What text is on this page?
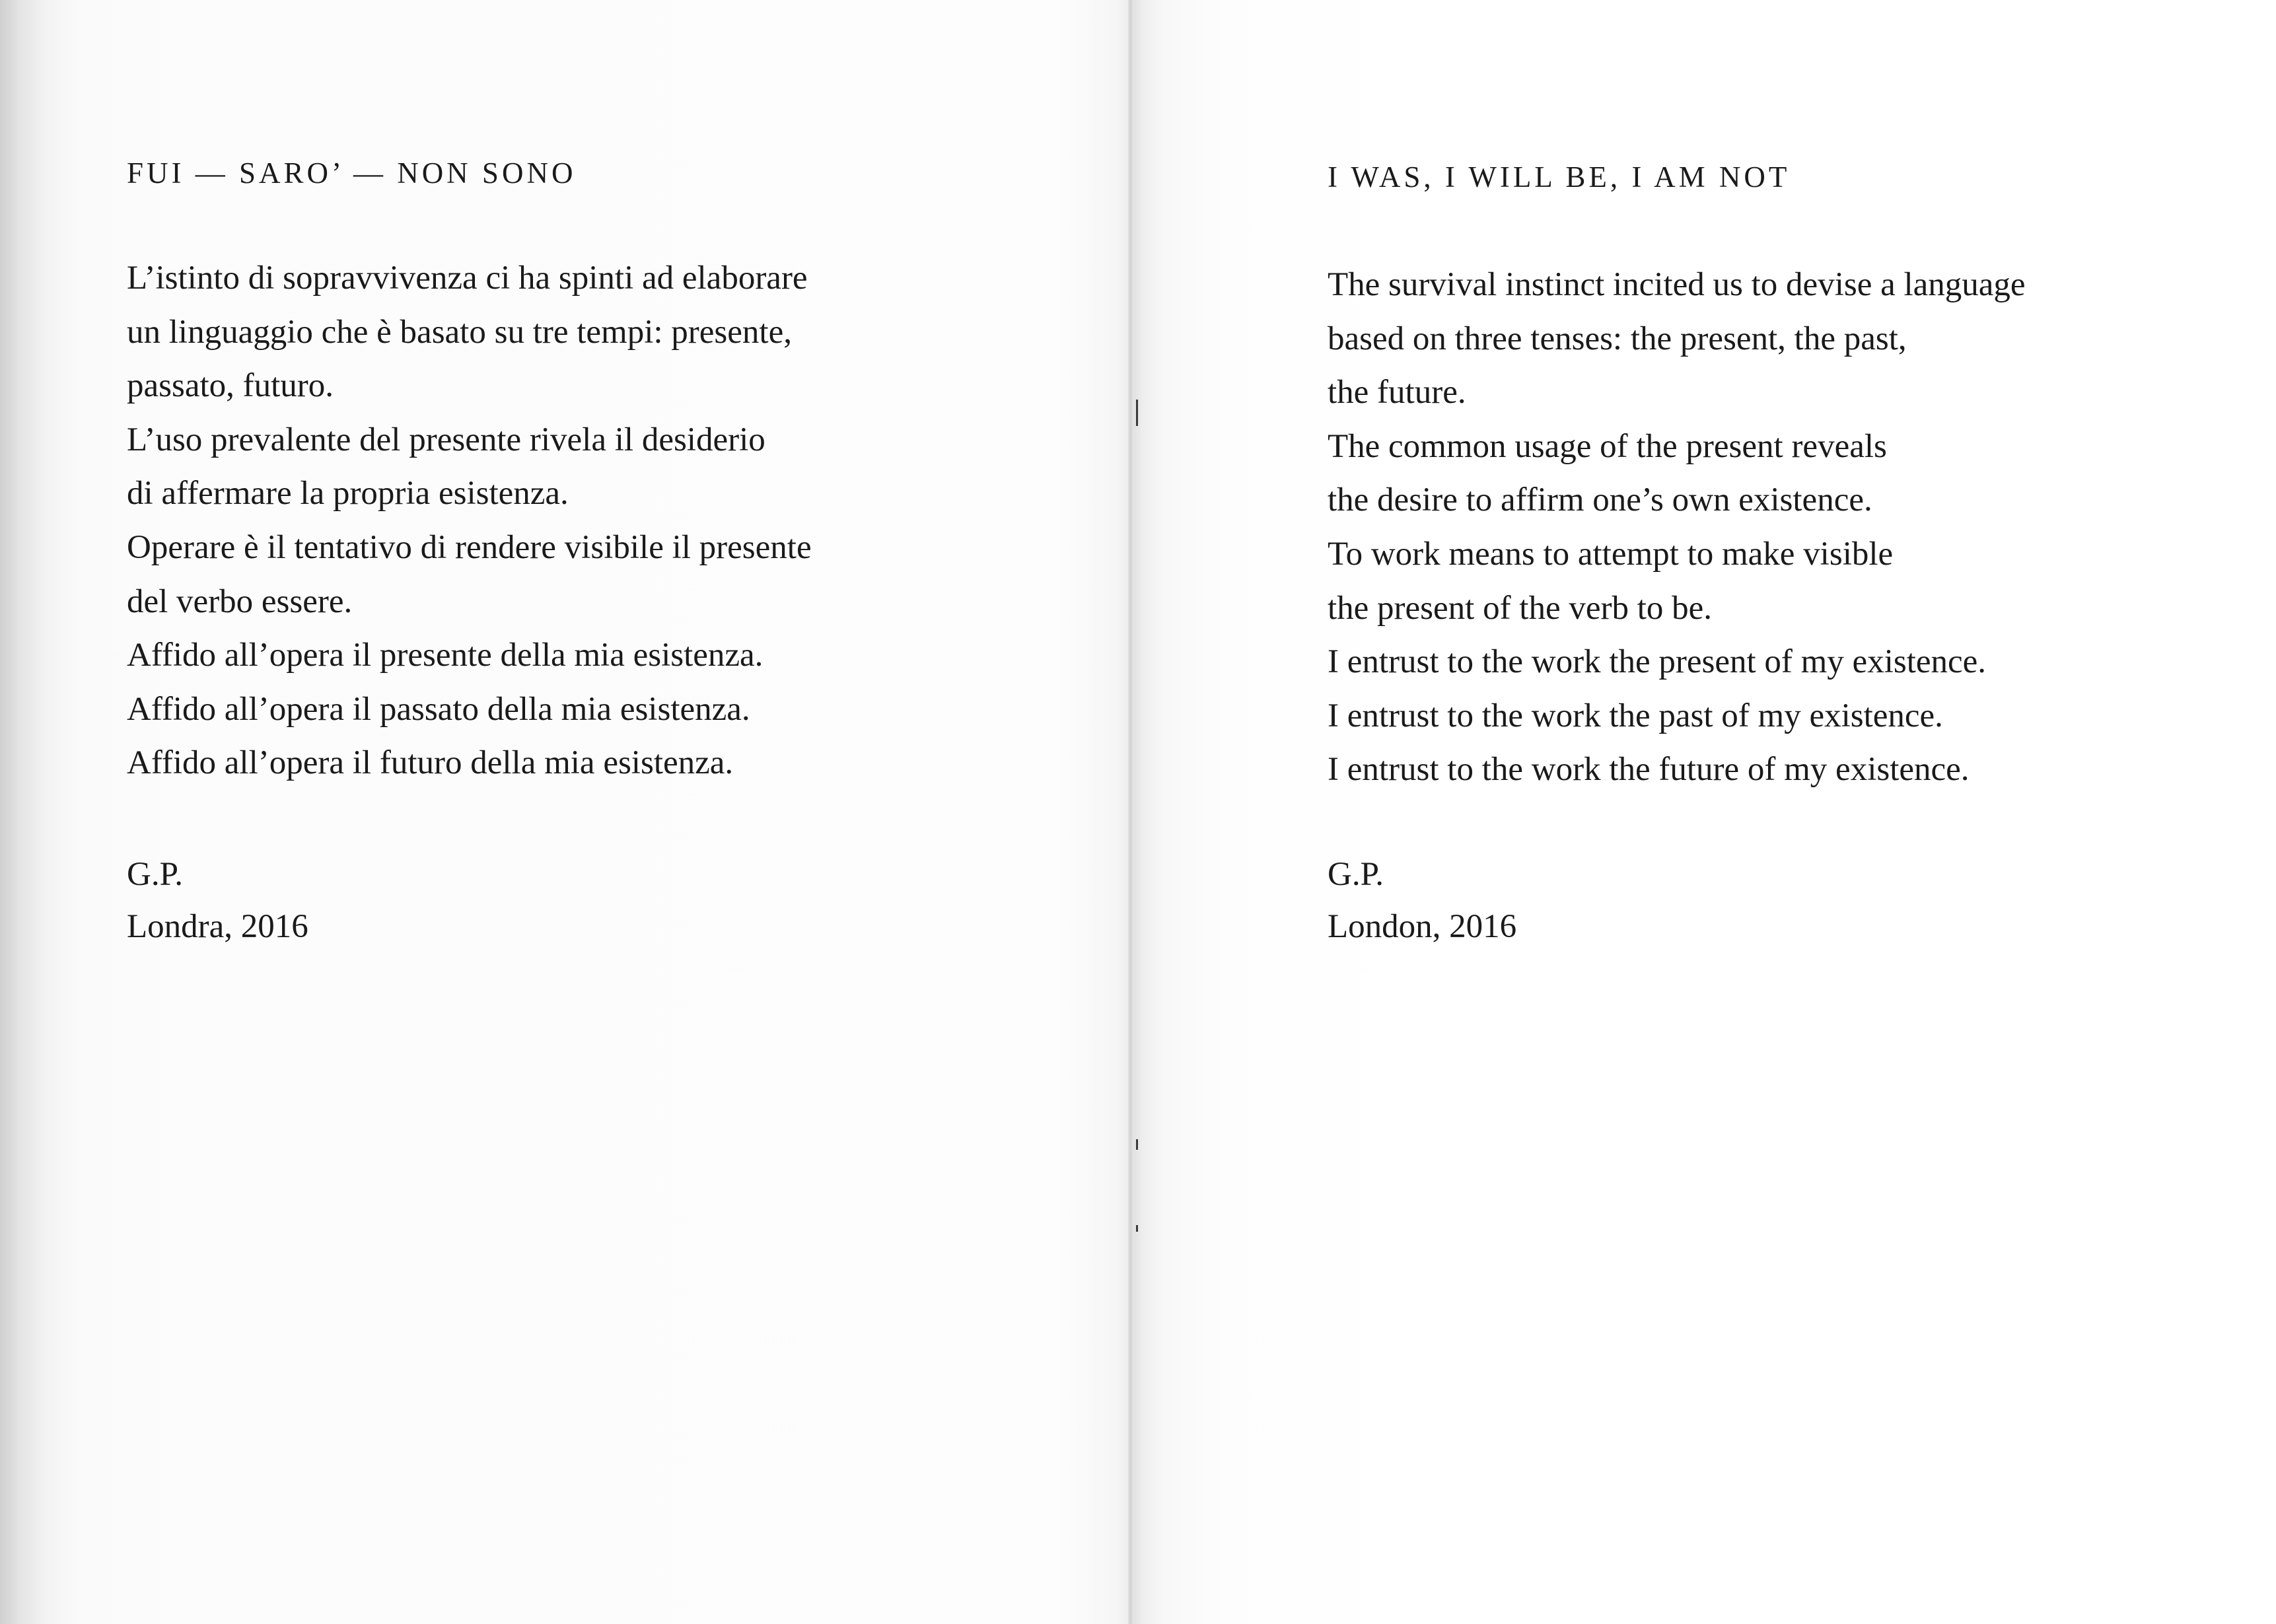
FUI — SARO’ — NON SONO
L’istinto di sopravvivenza ci ha spinti ad elaborare
un linguaggio che è basato su tre tempi: presente,
passato, futuro.
L’uso prevalente del presente rivela il desiderio
di affermare la propria esistenza.
Operare è il tentativo di rendere visibile il presente
del verbo essere.
Affido all’opera il presente della mia esistenza.
Affido all’opera il passato della mia esistenza.
Affido all’opera il futuro della mia esistenza.
G.P.
Londra, 2016
I WAS, I WILL BE, I AM NOT
The survival instinct incited us to devise a language
based on three tenses: the present, the past,
the future.
The common usage of the present reveals
the desire to affirm one’s own existence.
To work means to attempt to make visible
the present of the verb to be.
I entrust to the work the present of my existence.
I entrust to the work the past of my existence.
I entrust to the work the future of my existence.
G.P.
London, 2016
